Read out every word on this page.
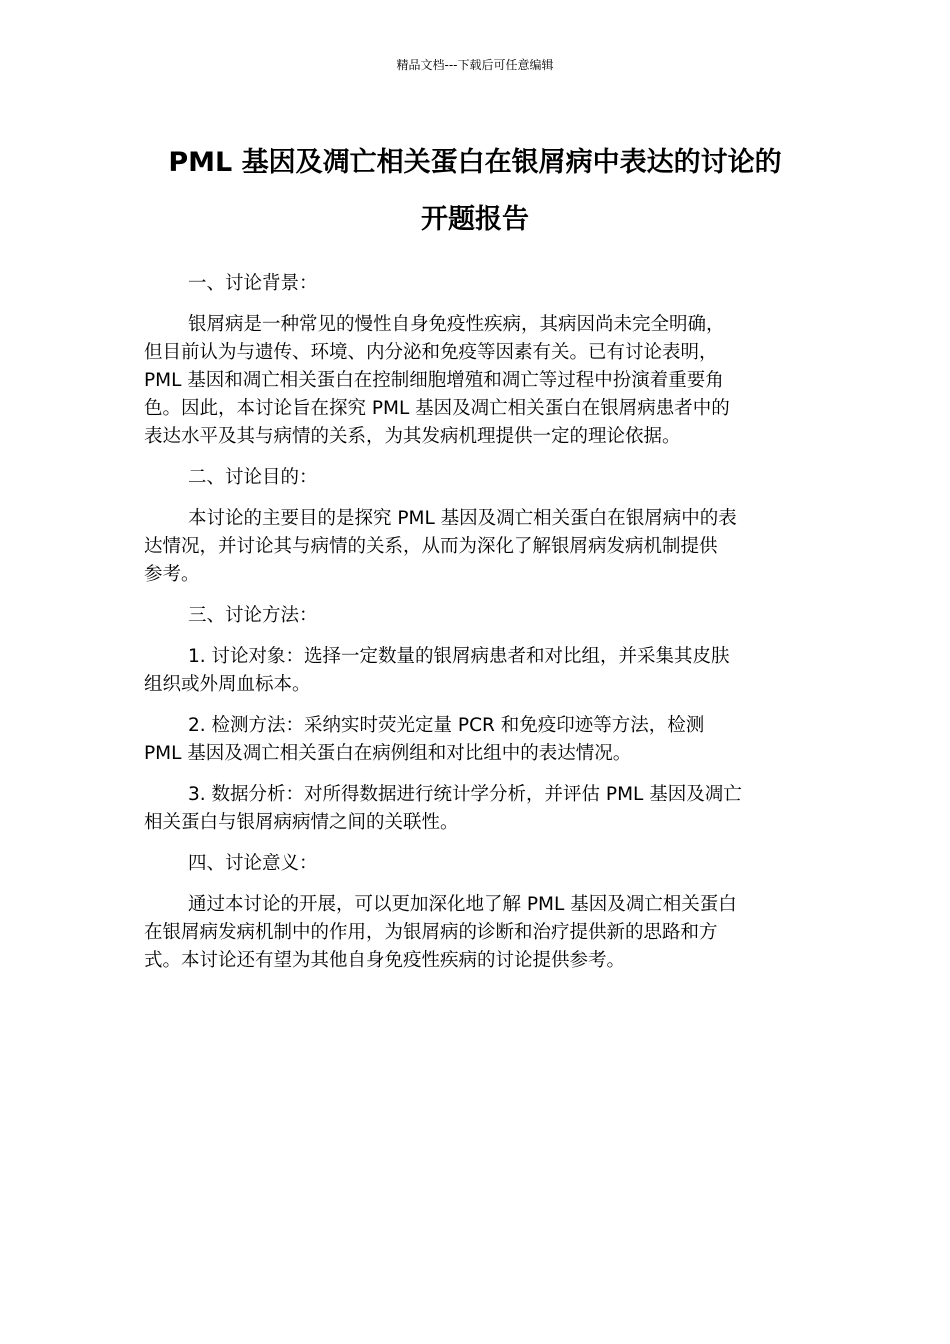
精品文档---下载后可任意编辑
PML 基因及凋亡相关蛋白在银屑病中表达的讨论的
开题报告
一、讨论背景：
银屑病是一种常见的慢性自身免疫性疾病，其病因尚未完全明确，
但目前认为与遗传、环境、内分泌和免疫等因素有关。已有讨论表明，
PML 基因和凋亡相关蛋白在控制细胞增殖和凋亡等过程中扮演着重要角
色。因此，本讨论旨在探究 PML 基因及凋亡相关蛋白在银屑病患者中的
表达水平及其与病情的关系，为其发病机理提供一定的理论依据。
二、讨论目的：
本讨论的主要目的是探究 PML 基因及凋亡相关蛋白在银屑病中的表
达情况，并讨论其与病情的关系，从而为深化了解银屑病发病机制提供
参考。
三、讨论方法：
1. 讨论对象：选择一定数量的银屑病患者和对比组，并采集其皮肤
组织或外周血标本。
2. 检测方法：采纳实时荧光定量 PCR 和免疫印迹等方法，检测
PML 基因及凋亡相关蛋白在病例组和对比组中的表达情况。
3. 数据分析：对所得数据进行统计学分析，并评估 PML 基因及凋亡
相关蛋白与银屑病病情之间的关联性。
四、讨论意义：
通过本讨论的开展，可以更加深化地了解 PML 基因及凋亡相关蛋白
在银屑病发病机制中的作用，为银屑病的诊断和治疗提供新的思路和方
式。本讨论还有望为其他自身免疫性疾病的讨论提供参考。
